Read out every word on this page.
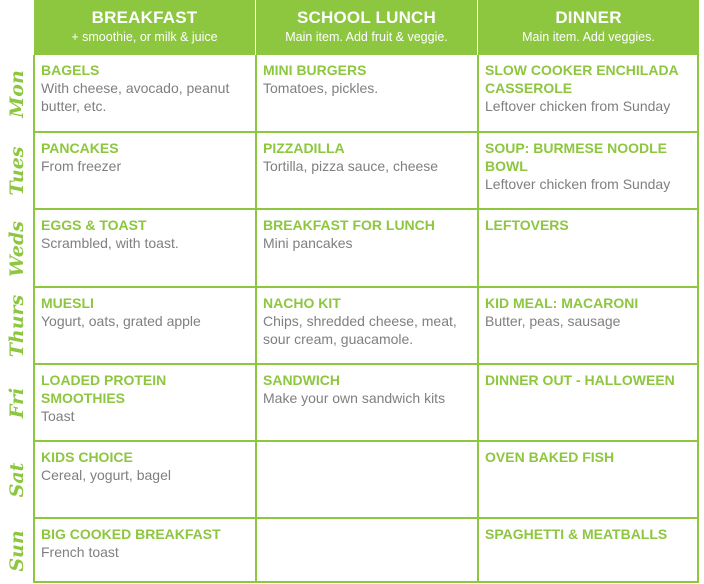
BREAKFAST
+ smoothie, or milk & juice
SCHOOL LUNCH
Main item. Add fruit & veggie.
DINNER
Main item. Add veggies.
Mon BAGELS
With cheese, avocado, peanut butter, etc.
MINI BURGERS
Tomatoes, pickles.
SLOW COOKER ENCHILADA CASSEROLE
Leftover chicken from Sunday
Tues PANCAKES
From freezer
PIZZADILLA
Tortilla, pizza sauce, cheese
SOUP: BURMESE NOODLE BOWL
Leftover chicken from Sunday
Weds EGGS & TOAST
Scrambled, with toast.
BREAKFAST FOR LUNCH
Mini pancakes
LEFTOVERS
Thurs MUESLI
Yogurt, oats, grated apple
NACHO KIT
Chips, shredded cheese, meat, sour cream, guacamole.
KID MEAL: MACARONI
Butter, peas, sausage
Fri
LOADED PROTEIN SMOOTHIES
Toast
SANDWICH
Make your own sandwich kits
DINNER OUT - HALLOWEEN
Sat
KIDS CHOICE
Cereal, yogurt, bagel
OVEN BAKED FISH
Sun BIG COOKED BREAKFAST
French toast
SPAGHETTI & MEATBALLS
